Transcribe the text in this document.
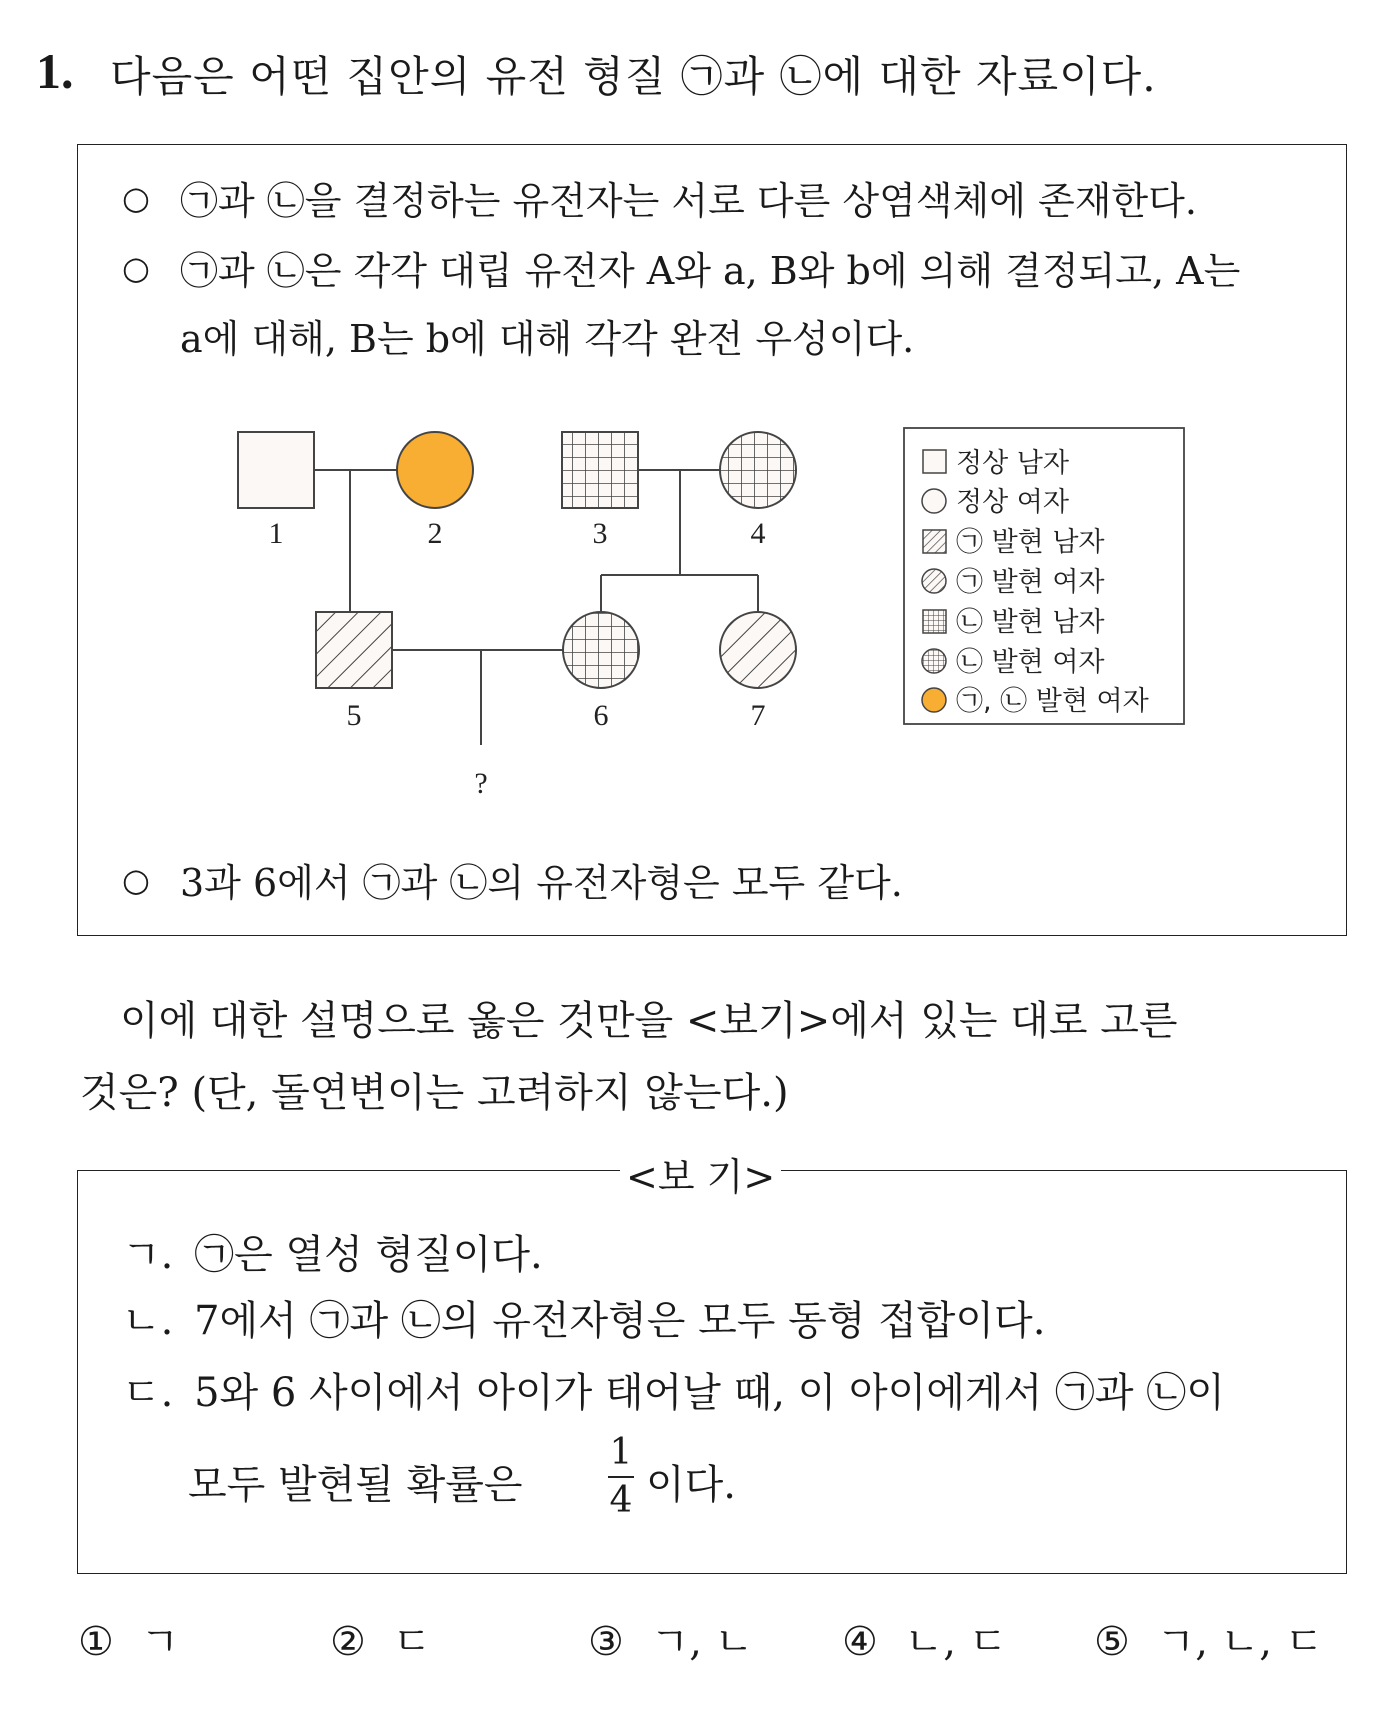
1. 다음은 어떤 집안의 유전 형질 ㉠과 ㉡에 대한 자료이다.
○ ㉠과 ㉡을 결정하는 유전자는 서로 다른 상염색체에 존재한다.
○ ㉠과 ㉡은 각각 대립 유전자 A와 a, B와 b에 의해 결정되고, A는
a에 대해, B는 b에 대해 각각 완전 우성이다.
1	2	3	4
5	6	7
?
정상 남자
정상 여자
㉠ 발현 남자
㉠ 발현 여자
㉡ 발현 남자
㉡ 발현 여자
㉠, ㉡ 발현 여자
○ 3과 6에서 ㉠과 ㉡의 유전자형은 모두 같다.
이에 대한 설명으로 옳은 것만을 <보기>에서 있는 대로 고른
것은? (단, 돌연변이는 고려하지 않는다.)
ㄱ. ㉠은 열성 형질이다.
ㄴ. 7에서 ㉠과 ㉡의 유전자형은 모두 동형 접합이다.
ㄷ. 5와 6 사이에서 아이가 태어날 때, 이 아이에게서 ㉠과 ㉡이
모두 발현될 확률은
1
4 이다.
<보 기>
① ㄱ	② ㄷ	③ ㄱ, ㄴ ④ ㄴ, ㄷ ⑤ ㄱ, ㄴ, ㄷ
